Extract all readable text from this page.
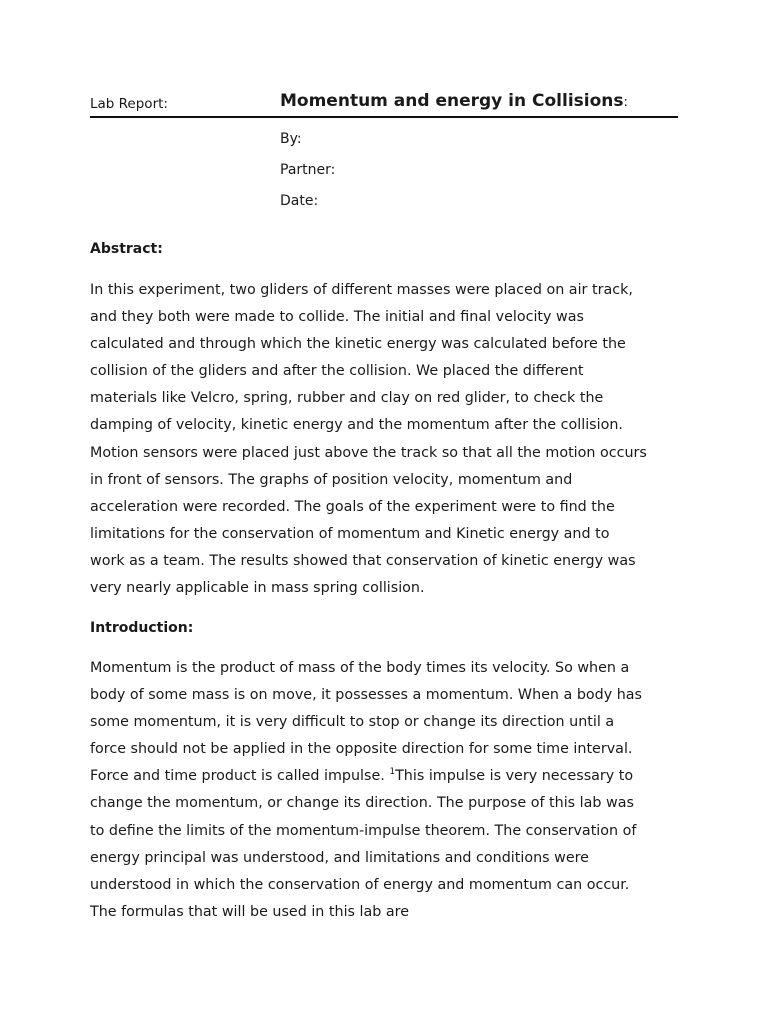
Lab Report:	Momentum and energy in Collisions:
By:
Partner:
Date:
Abstract:
In this experiment, two gliders of different masses were placed on air track,
and they both were made to collide. The initial and final velocity was
calculated and through which the kinetic energy was calculated before the
collision of the gliders and after the collision. We placed the different
materials like Velcro, spring, rubber and clay on red glider, to check the
damping of velocity, kinetic energy and the momentum after the collision.
Motion sensors were placed just above the track so that all the motion occurs
in front of sensors. The graphs of position velocity, momentum and
acceleration were recorded. The goals of the experiment were to find the
limitations for the conservation of momentum and Kinetic energy and to
work as a team. The results showed that conservation of kinetic energy was
very nearly applicable in mass spring collision.
Introduction:
Momentum is the product of mass of the body times its velocity. So when a
body of some mass is on move, it possesses a momentum. When a body has
some momentum, it is very difficult to stop or change its direction until a
force should not be applied in the opposite direction for some time interval.
Force and time product is called impulse. $^1$This impulse is very necessary to
change the momentum, or change its direction. The purpose of this lab was
to define the limits of the momentum-impulse theorem. The conservation of
energy principal was understood, and limitations and conditions were
understood in which the conservation of energy and momentum can occur.
The formulas that will be used in this lab are
